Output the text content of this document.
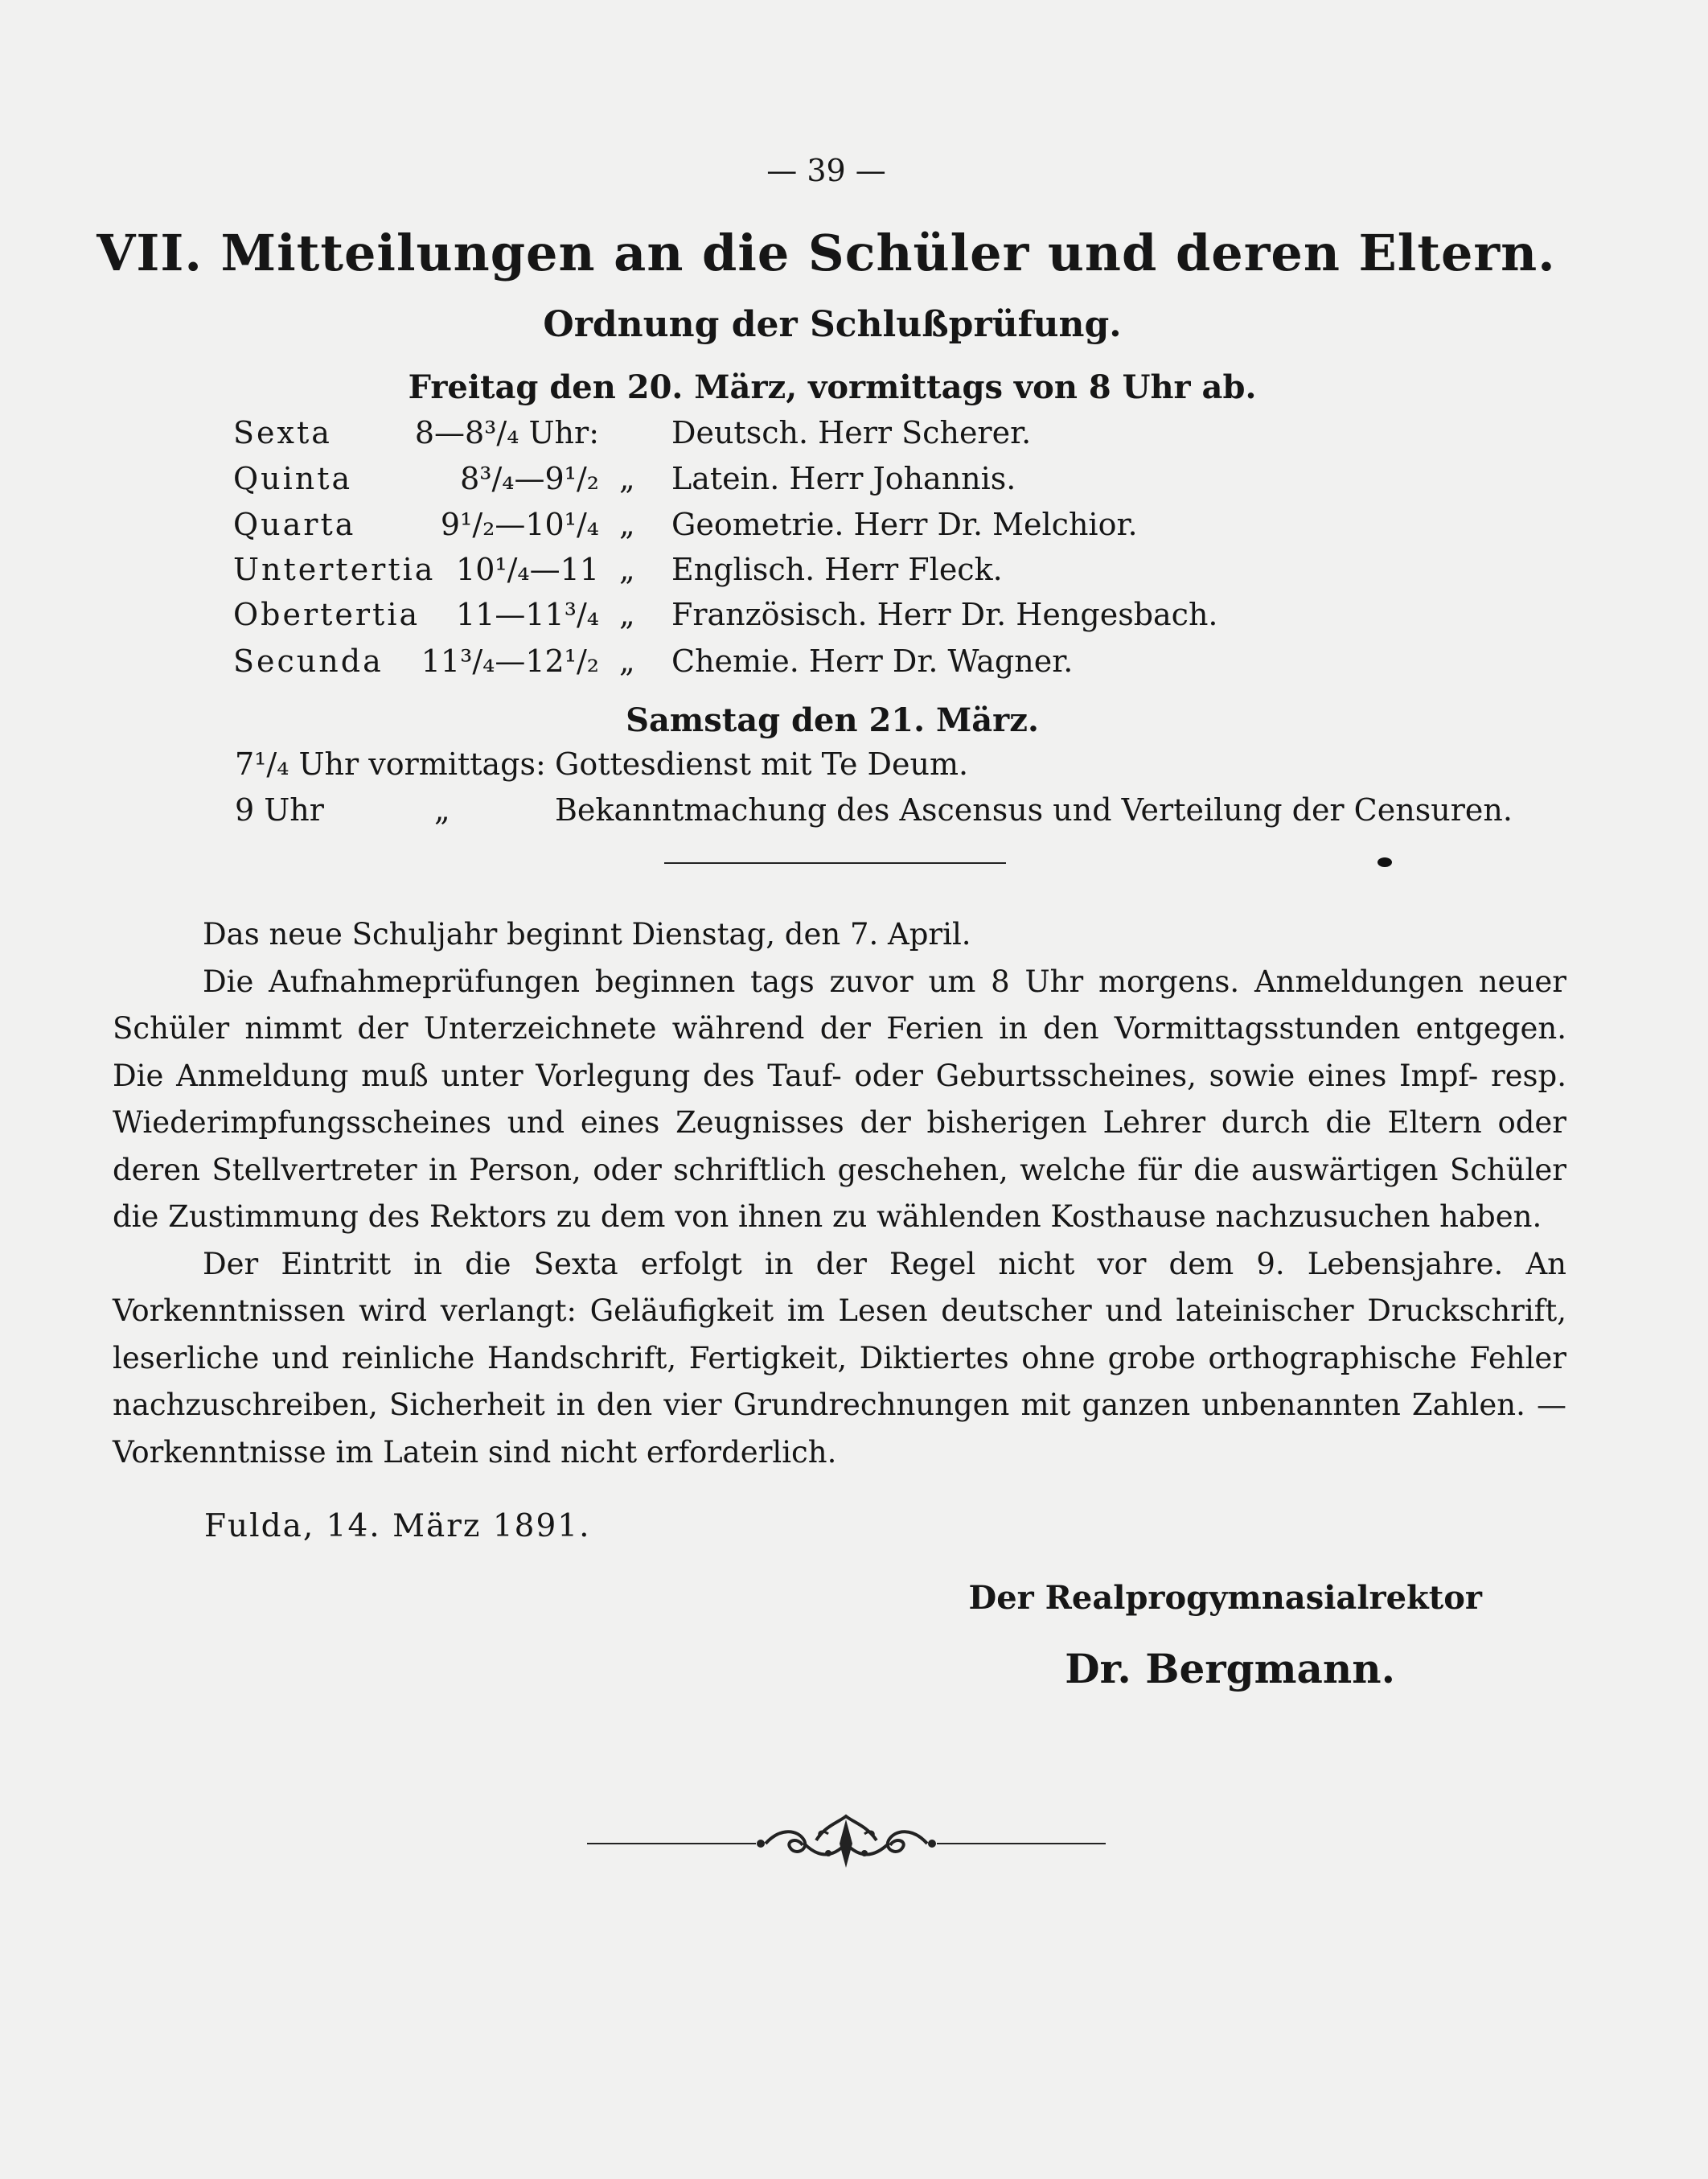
— 39 —
VII. Mitteilungen an die Schüler und deren Eltern.
Ordnung der Schlußprüfung.
Freitag den 20. März, vormittags von 8 Uhr ab.
Sexta	8—8³/₄ Uhr: Deutsch. Herr Scherer.
Quinta	8³/₄—9¹/₂ „ Latein. Herr Johannis.
Quarta	9¹/₂—10¹/₄ „ Geometrie. Herr Dr. Melchior.
Untertertia 10¹/₄—11 „ Englisch. Herr Fleck.
Obertertia	11—11³/₄ „ Französisch. Herr Dr. Hengesbach.
Secunda	11³/₄—12¹/₂ „ Chemie. Herr Dr. Wagner.
Samstag den 21. März.
7¹/₄ Uhr vormittags: Gottesdienst mit Te Deum.
9 Uhr	„	Bekanntmachung des Ascensus und Verteilung der Censuren.

Das neue Schuljahr beginnt Dienstag, den 7. April.

Die Aufnahmeprüfungen beginnen tags zuvor um 8 Uhr morgens. Anmeldungen neuer Schüler nimmt der Unterzeichnete während der Ferien in den Vormittagsstunden entgegen. Die Anmeldung muß unter Vorlegung des Tauf- oder Geburtsscheines, sowie eines Impf- resp. Wiederimpfungsscheines und eines Zeugnisses der bisherigen Lehrer durch die Eltern oder deren Stellvertreter in Person, oder schriftlich geschehen, welche für die auswärtigen Schüler die Zustimmung des Rektors zu dem von ihnen zu wählenden Kosthause nachzusuchen haben.

Der Eintritt in die Sexta erfolgt in der Regel nicht vor dem 9. Lebensjahre. An Vorkenntnissen wird verlangt: Geläufigkeit im Lesen deutscher und lateinischer Druckschrift, leserliche und reinliche Handschrift, Fertigkeit, Diktiertes ohne grobe orthographische Fehler nachzuschreiben, Sicherheit in den vier Grundrechnungen mit ganzen unbenannten Zahlen. — Vorkenntnisse im Latein sind nicht erforderlich.

Fulda, 14. März 1891.
Der Realprogymnasialrektor
Dr. Bergmann.
